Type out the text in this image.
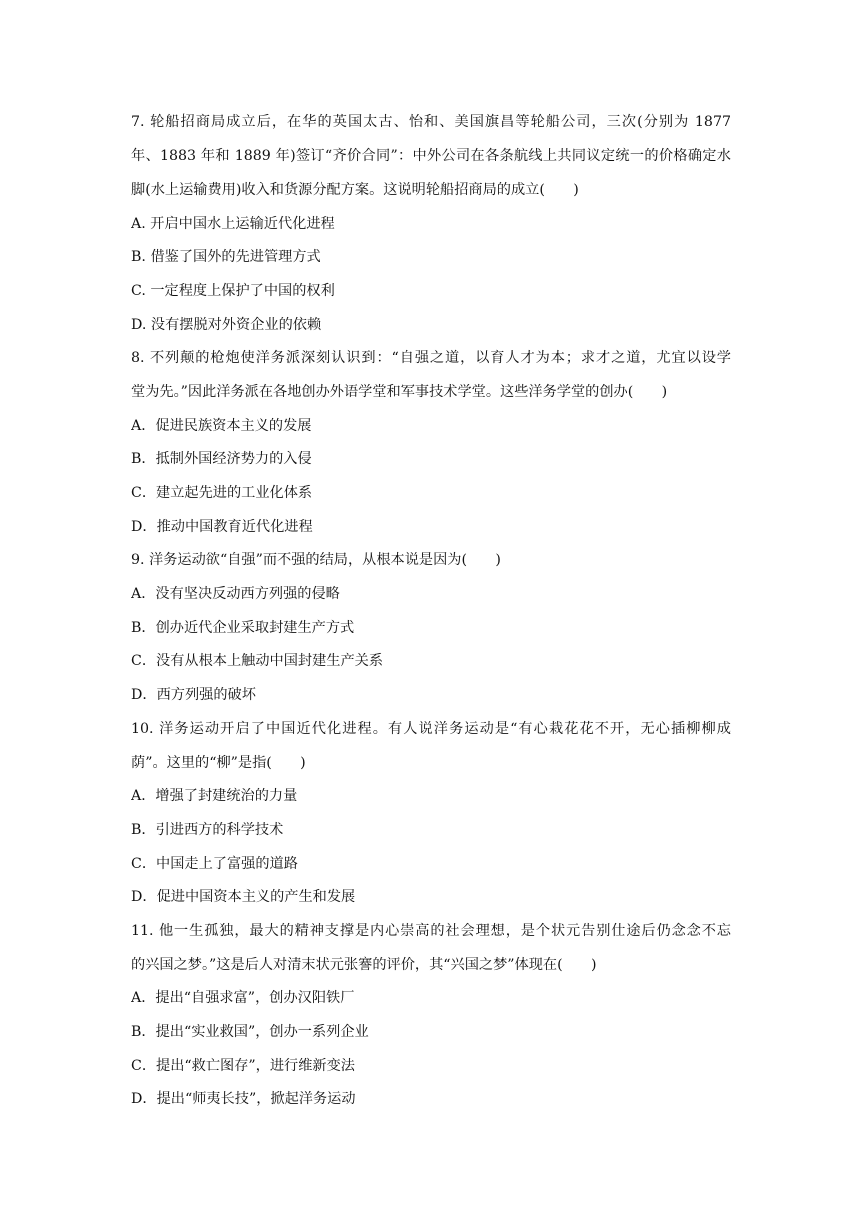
7. 轮船招商局成立后，在华的英国太古、怡和、美国旗昌等轮船公司，三次(分别为 1877
年、1883 年和 1889 年)签订“齐价合同”：中外公司在各条航线上共同议定统一的价格确定水
脚(水上运输费用)收入和货源分配方案。这说明轮船招商局的成立(　　)
A. 开启中国水上运输近代化进程
B. 借鉴了国外的先进管理方式
C. 一定程度上保护了中国的权利
D. 没有摆脱对外资企业的依赖
8. 不列颠的枪炮使洋务派深刻认识到：“自强之道，以育人才为本；求才之道，尤宜以设学
堂为先。”因此洋务派在各地创办外语学堂和军事技术学堂。这些洋务学堂的创办(　　)
A．促进民族资本主义的发展
B．抵制外国经济势力的入侵
C．建立起先进的工业化体系
D．推动中国教育近代化进程
9. 洋务运动欲“自强”而不强的结局，从根本说是因为(　　)
A．没有坚决反动西方列强的侵略
B．创办近代企业采取封建生产方式
C．没有从根本上触动中国封建生产关系
D．西方列强的破坏
10. 洋务运动开启了中国近代化进程。有人说洋务运动是“有心栽花花不开，无心插柳柳成
荫”。这里的“柳”是指(　　)
A．增强了封建统治的力量
B．引进西方的科学技术
C．中国走上了富强的道路
D．促进中国资本主义的产生和发展
11. 他一生孤独，最大的精神支撑是内心崇高的社会理想，是个状元告别仕途后仍念念不忘
的兴国之梦。”这是后人对清末状元张謇的评价，其“兴国之梦”体现在(　　)
A．提出“自强求富”，创办汉阳铁厂
B．提出“实业救国”，创办一系列企业
C．提出“救亡图存”，进行维新变法
D．提出“师夷长技”，掀起洋务运动
